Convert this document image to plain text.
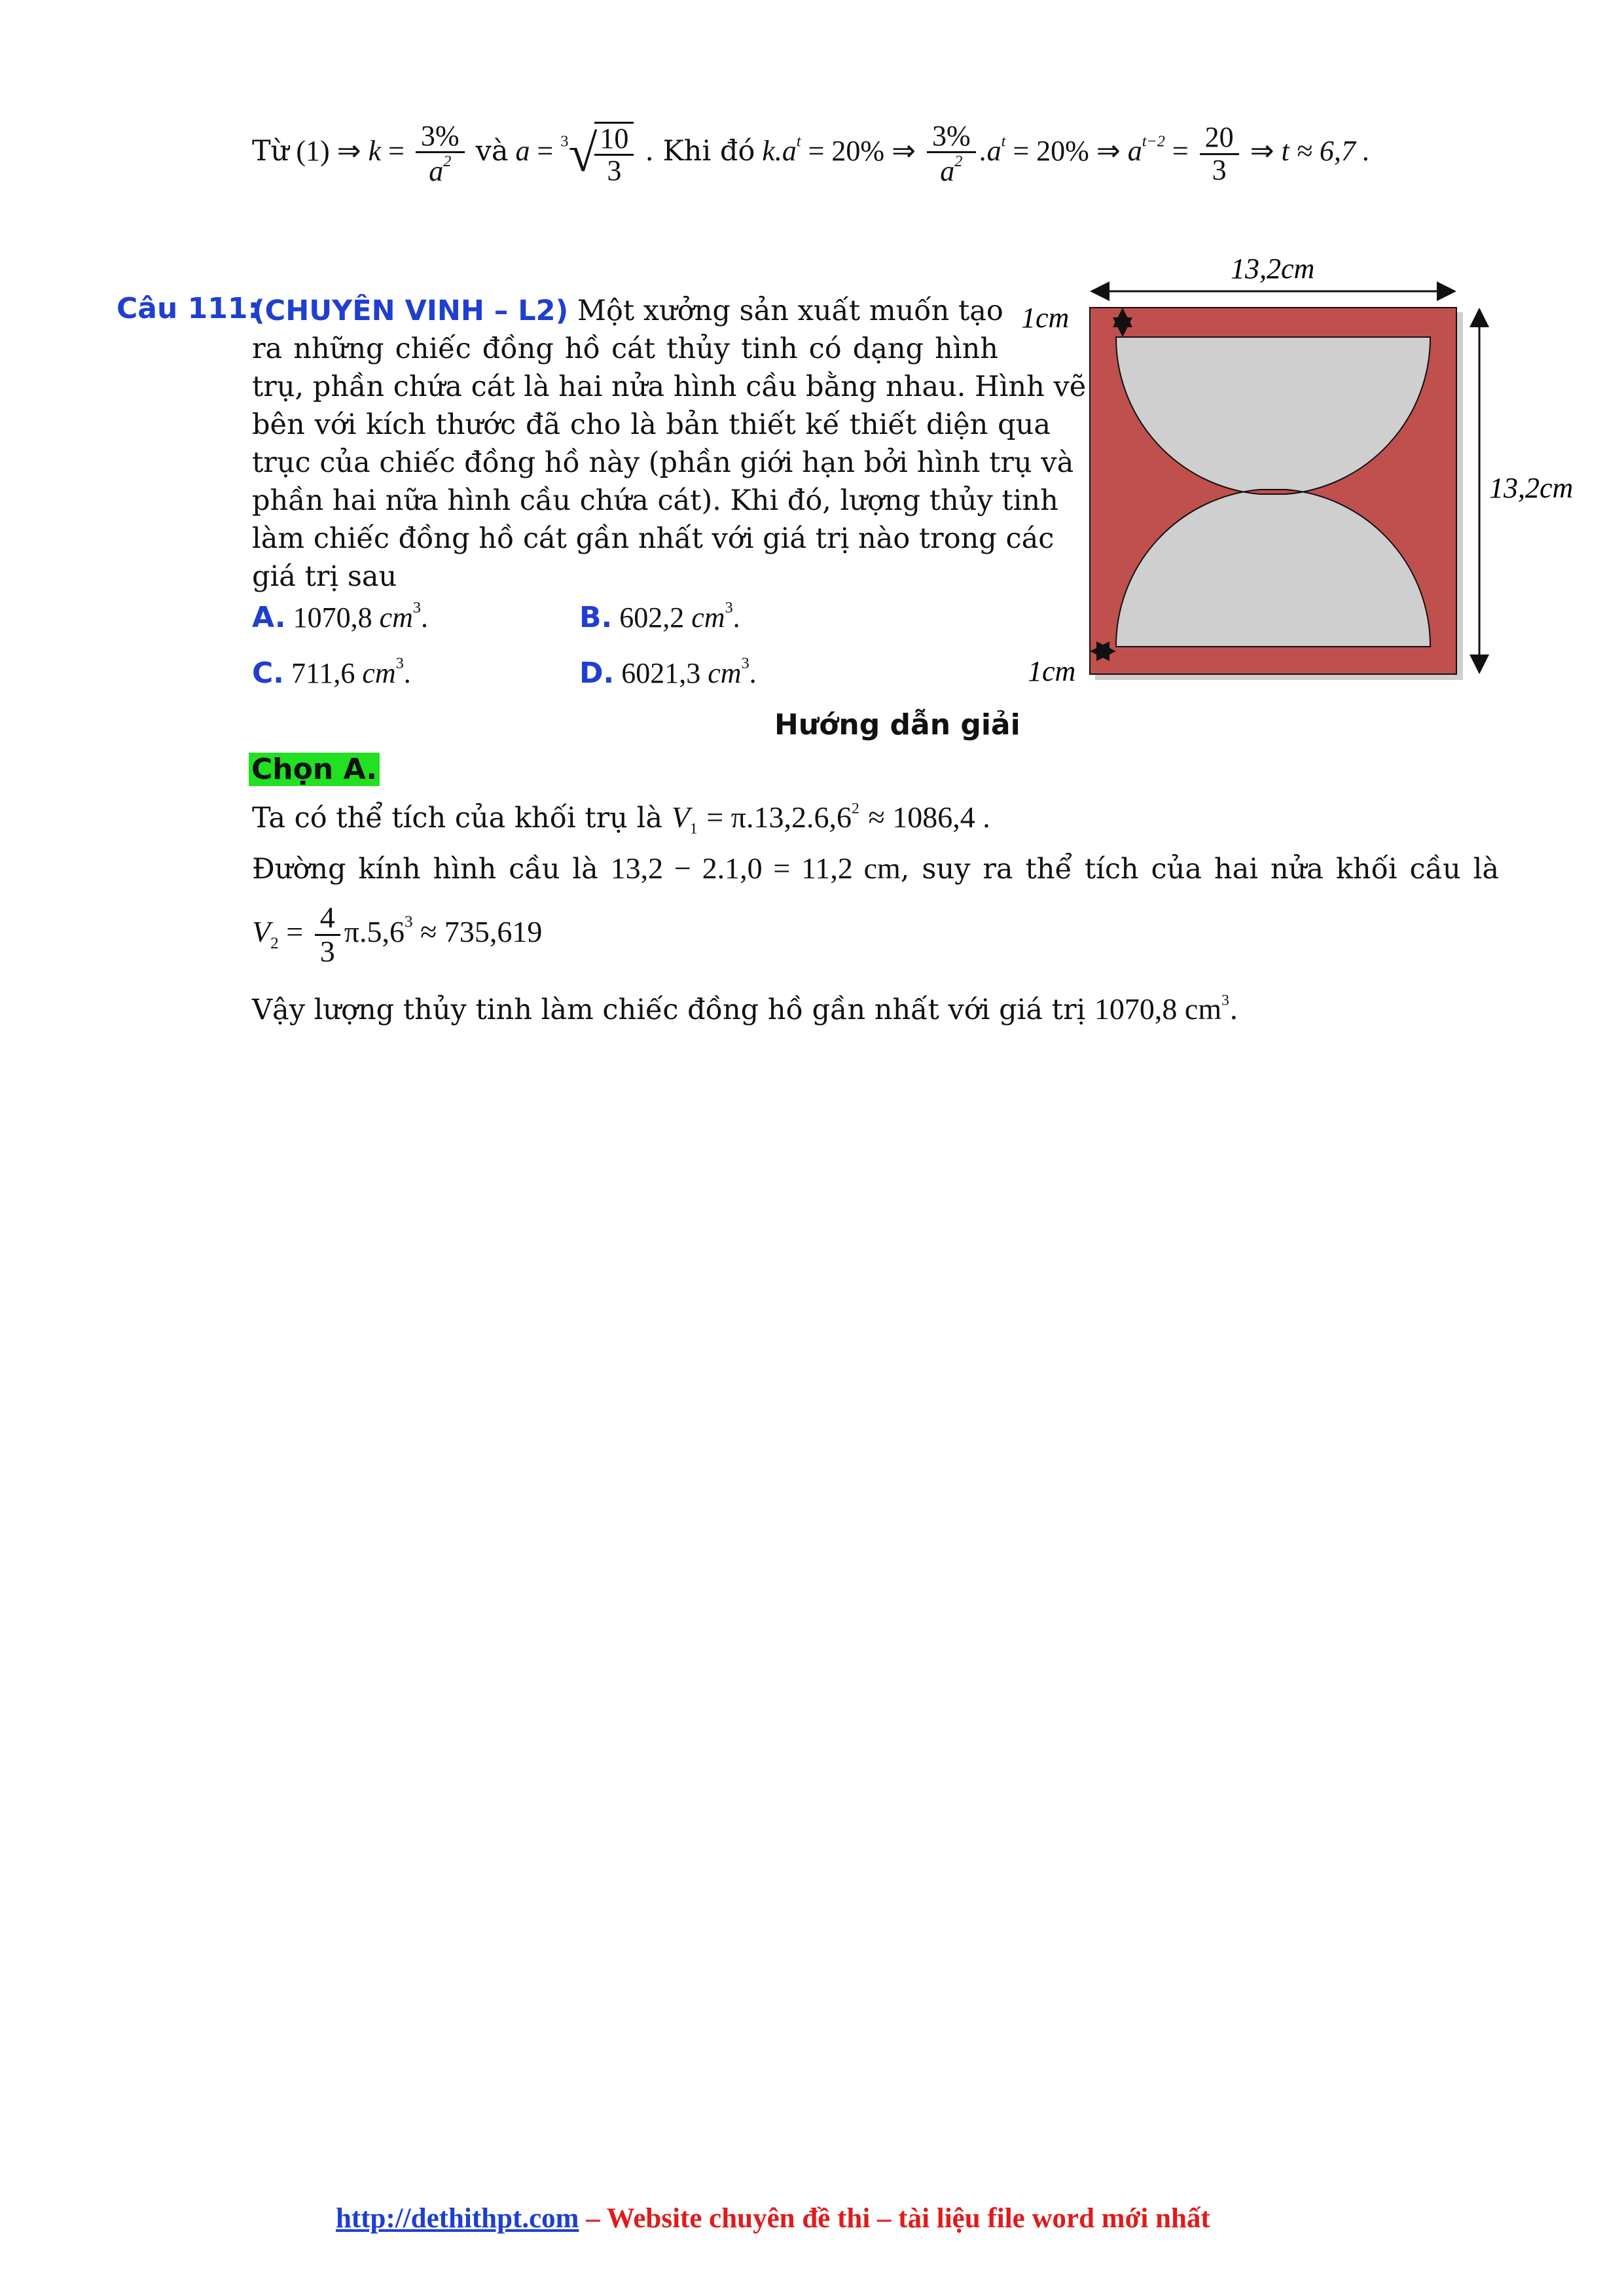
Từ (1) ⇒ $k = \frac{3\%}{a^2}$ và a = $^3$√
$\frac{10}{3}$ . Khi đó $k.a^t = 20\%$ ⇒ $\frac{3\%}{a^2} .a^t = 20\%$ ⇒ $a^{t-2} = \frac{20}{3}$ ⇒ t ≈ 6,7 .
Câu 111:
(CHUYÊN VINH – L2) Một xưởng sản xuất muốn tạo
ra những chiếc đồng hồ cát thủy tinh có dạng hình
trụ, phần chứa cát là hai nửa hình cầu bằng nhau. Hình vẽ
bên với kích thước đã cho là bản thiết kế thiết diện qua
trục của chiếc đồng hồ này (phần giới hạn bởi hình trụ và
phần hai nữa hình cầu chứa cát). Khi đó, lượng thủy tinh
làm chiếc đồng hồ cát gần nhất với giá trị nào trong các
giá trị sau
A. 1070,8 $cm^3$.	B. 602,2 $cm^3$.
C. 711,6 $cm^3$.	D. 6021,3 $cm^3$.
13,2cm
13,2cm
1cm
1cm
Hướng dẫn giải
Chọn A.
Ta có thể tích của khối trụ là $V_1 = \pi.13,2.6,6^2 \approx 1086,4$ .
Đường kính hình cầu là 13,2 − 2.1,0 = 11,2 cm, suy ra thể tích của hai nửa khối cầu là
$V_2 = \frac{4}{3} \pi.5,6^3 \approx 735,619$
Vậy lượng thủy tinh làm chiếc đồng hồ gần nhất với giá trị 1070,8 $cm^3$.
http://dethithpt.com – Website chuyên đề thi – tài liệu file word mới nhất
